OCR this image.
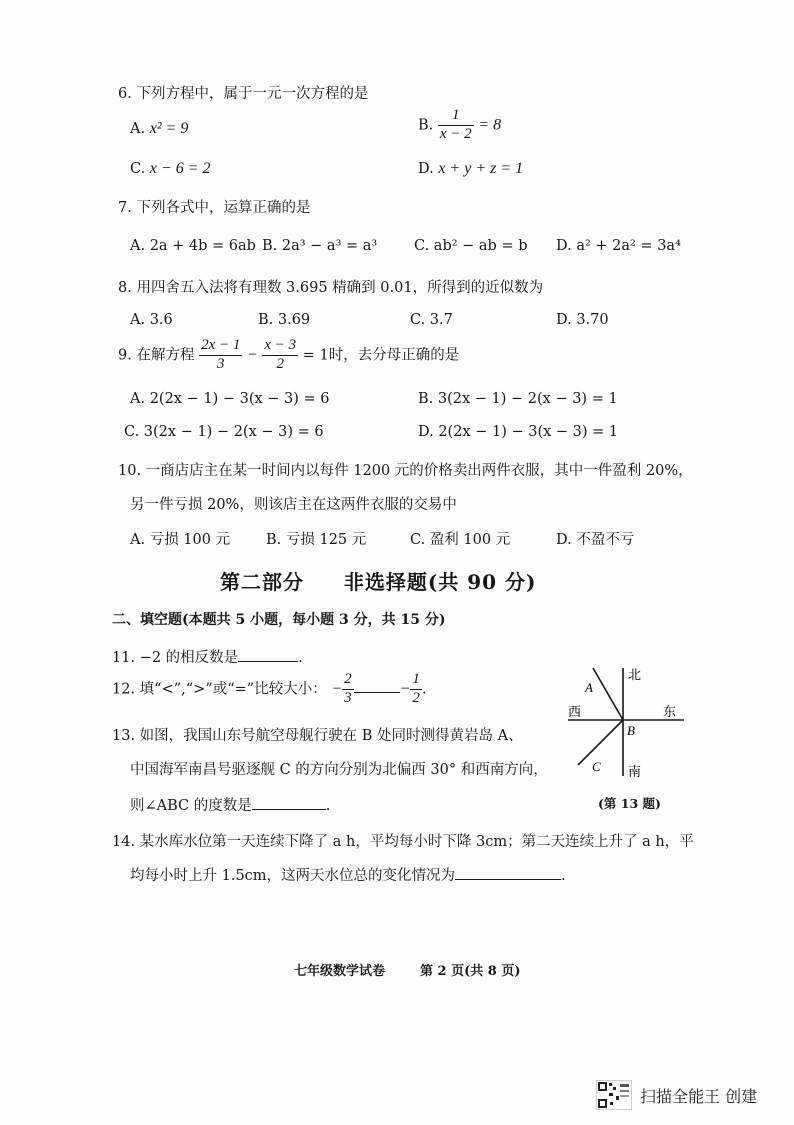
6. 下列方程中，属于一元一次方程的是
A. x² = 9	B. $\frac{1}{x - 2} = 8$
C. x − 6 = 2	D. x + y + z = 1
7. 下列各式中，运算正确的是
A. 2a + 4b = 6ab B. 2a³ − a³ = a³	C. ab² − ab = b D. a² + 2a² = 3a⁴
8. 用四舍五入法将有理数 3.695 精确到 0.01，所得到的近似数为
A. 3.6	B. 3.69	C. 3.7	D. 3.70
9. 在解方程 $\frac{2x - 1}{3} - \frac{x - 3}{2} = 1$时，去分母正确的是
A. 2(2x − 1) − 3(x − 3) = 6	B. 3(2x − 1) − 2(x − 3) = 1
C. 3(2x − 1) − 2(x − 3) = 6	D. 2(2x − 1) − 3(x − 3) = 1
10. 一商店店主在某一时间内以每件 1200 元的价格卖出两件衣服，其中一件盈利 20%，
另一件亏损 20%，则该店主在这两件衣服的交易中
A. 亏损 100 元 B. 亏损 125 元	C. 盈利 100 元	D. 不盈不亏
第二部分     非选择题(共 90 分)
二、填空题(本题共 5 小题，每小题 3 分，共 15 分)
11. −2 的相反数是	.
12. 填“<”,“>”或“=”比较大小： − $\frac{2}{3}$	− $\frac{1}{2}$ .
13. 如图，我国山东号航空母舰行驶在 B 处同时测得黄岩岛 A、
中国海军南昌号驱逐舰 C 的方向分别为北偏西 30° 和西南方向，
则∠ABC 的度数是	.
北
南
西	东
A
B
C
(第 13 题)
14. 某水库水位第一天连续下降了 a h，平均每小时下降 3cm；第二天连续上升了 a h，平
均每小时上升 1.5cm，这两天水位总的变化情况为	.
七年级数学试卷	第 2 页(共 8 页)
扫描全能王 创建
